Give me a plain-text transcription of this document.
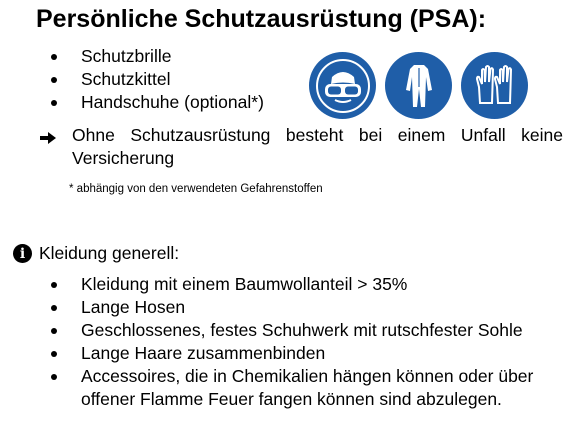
Persönliche Schutzausrüstung (PSA):
Schutzbrille
Schutzkittel
Handschuhe (optional*)
Ohne Schutzausrüstung besteht bei einem Unfall keine Versicherung
* abhängig von den verwendeten Gefahrenstoffen
i Kleidung generell:
Kleidung mit einem Baumwollanteil > 35%
Lange Hosen
Geschlossenes, festes Schuhwerk mit rutschfester Sohle
Lange Haare zusammenbinden
Accessoires, die in Chemikalien hängen können oder über offener Flamme Feuer fangen können sind abzulegen.
